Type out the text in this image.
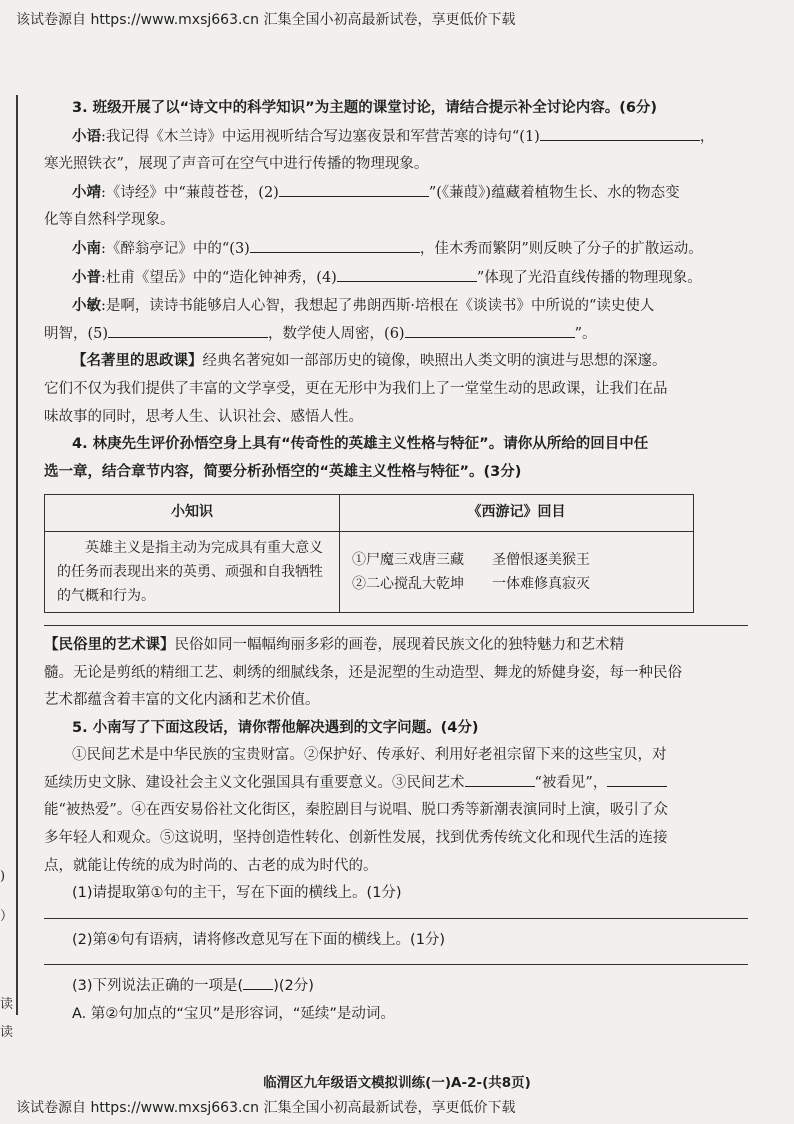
该试卷源自 https://www.mxsj663.cn 汇集全国小初高最新试卷，享更低价下载
)
）
读
读

3. 班级开展了以“诗文中的科学知识”为主题的课堂讨论，请结合提示补全讨论内容。(6分)

小语:我记得《木兰诗》中运用视听结合写边塞夜景和军营苦寒的诗句“(1)	，

寒光照铁衣”，展现了声音可在空气中进行传播的物理现象。

小靖:《诗经》中“蒹葭苍苍，(2)	”(《蒹葭》)蕴藏着植物生长、水的物态变

化等自然科学现象。

小南:《醉翁亭记》中的“(3)	，佳木秀而繁阴”则反映了分子的扩散运动。

小普:杜甫《望岳》中的“造化钟神秀，(4)	”体现了光沿直线传播的物理现象。

小敏:是啊，读诗书能够启人心智，我想起了弗朗西斯·培根在《谈读书》中所说的“读史使人

明智，(5)	，数学使人周密，(6)	”。

【名著里的思政课】经典名著宛如一部部历史的镜像，映照出人类文明的演进与思想的深邃。

它们不仅为我们提供了丰富的文学享受，更在无形中为我们上了一堂堂生动的思政课，让我们在品

味故事的同时，思考人生、认识社会、感悟人性。

4. 林庚先生评价孙悟空身上具有“传奇性的英雄主义性格与特征”。请你从所给的回目中任

选一章，结合章节内容，简要分析孙悟空的“英雄主义性格与特征”。(3分)

小知识	《西游记》回目
英雄主义是指主动为完成具有重大意义的任务而表现出来的英勇、顽强和自我牺牲的气概和行为。	①尸魔三戏唐三藏　　圣僧恨逐美猴王
②二心搅乱大乾坤　　一体难修真寂灭

【民俗里的艺术课】民俗如同一幅幅绚丽多彩的画卷，展现着民族文化的独特魅力和艺术精

髓。无论是剪纸的精细工艺、刺绣的细腻线条，还是泥塑的生动造型、舞龙的矫健身姿，每一种民俗

艺术都蕴含着丰富的文化内涵和艺术价值。

5. 小南写了下面这段话，请你帮他解决遇到的文字问题。(4分)

①民间艺术是中华民族的宝贵财富。②保护好、传承好、利用好老祖宗留下来的这些宝贝，对

延续历史文脉、建设社会主义文化强国具有重要意义。③民间艺术	“被看见”，

能“被热爱”。④在西安易俗社文化街区，秦腔剧目与说唱、脱口秀等新潮表演同时上演，吸引了众

多年轻人和观众。⑤这说明，坚持创造性转化、创新性发展，找到优秀传统文化和现代生活的连接

点，就能让传统的成为时尚的、古老的成为时代的。

(1)请提取第①句的主干，写在下面的横线上。(1分)

(2)第④句有语病，请将修改意见写在下面的横线上。(1分)

(3)下列说法正确的一项是( )(2分)

A. 第②句加点的“宝贝”是形容词，“延续”是动词。

临渭区九年级语文模拟训练(一)A-2-(共8页)
该试卷源自 https://www.mxsj663.cn 汇集全国小初高最新试卷，享更低价下载
